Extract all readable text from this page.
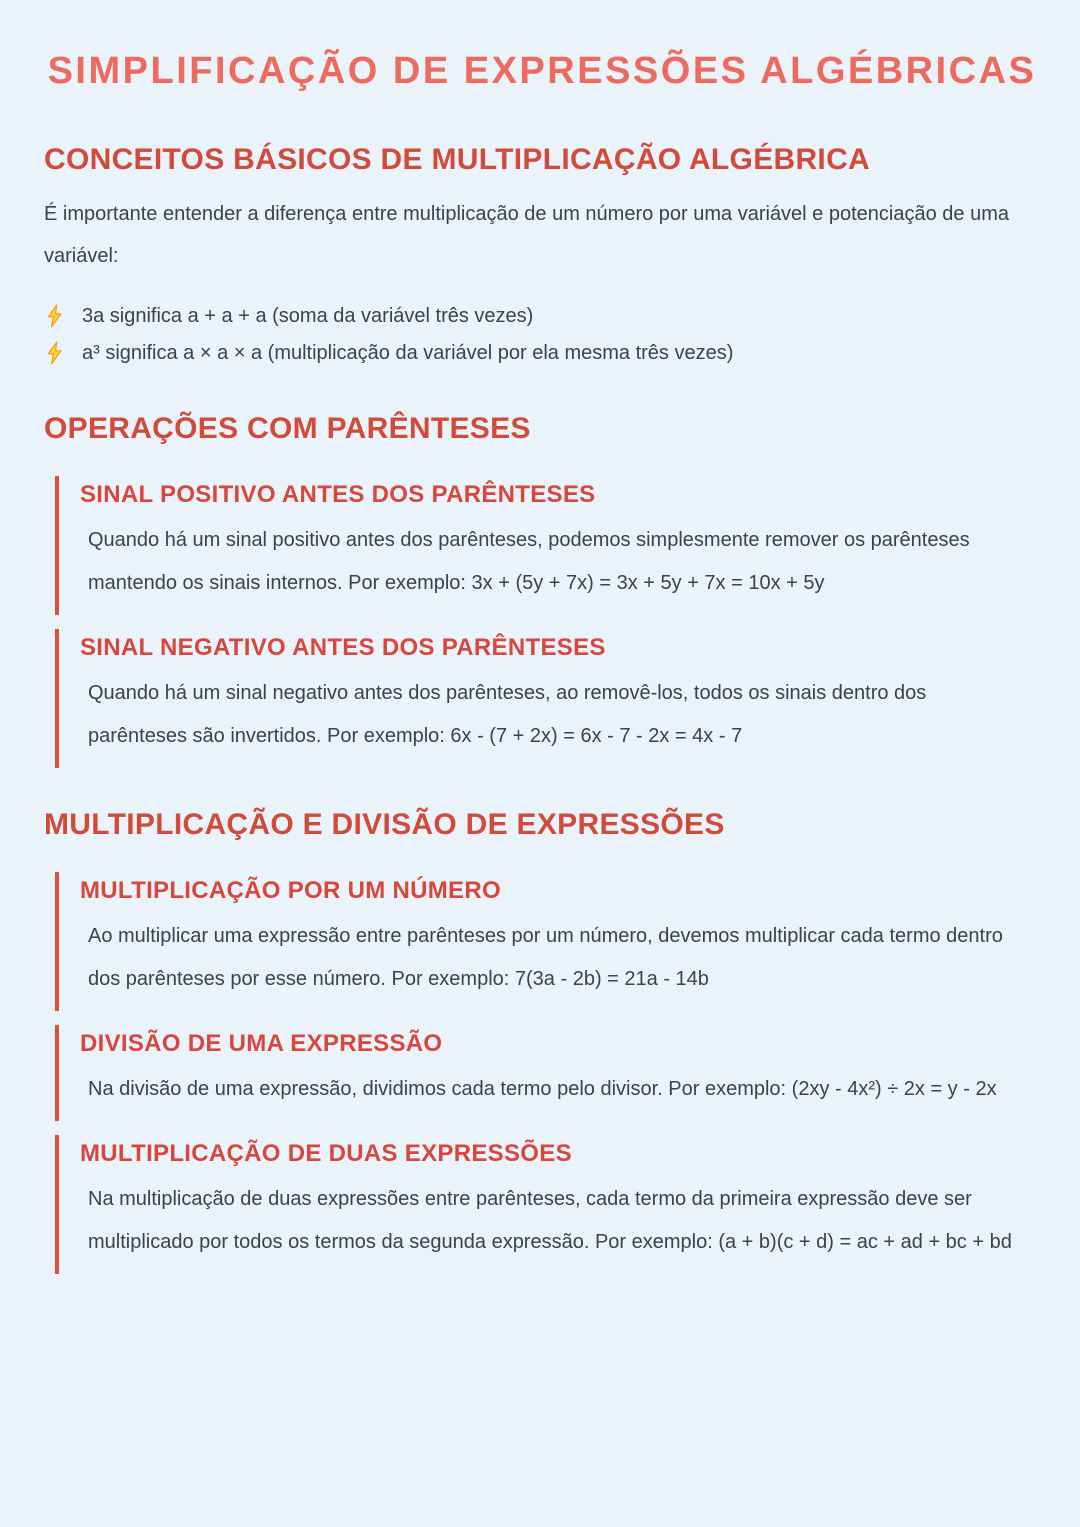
SIMPLIFICAÇÃO DE EXPRESSÕES ALGÉBRICAS
CONCEITOS BÁSICOS DE MULTIPLICAÇÃO ALGÉBRICA

É importante entender a diferença entre multiplicação de um número por uma variável e potenciação de uma variável:

3a significa a + a + a (soma da variável três vezes)
a³ significa a × a × a (multiplicação da variável por ela mesma três vezes)
OPERAÇÕES COM PARÊNTESES
SINAL POSITIVO ANTES DOS PARÊNTESES

Quando há um sinal positivo antes dos parênteses, podemos simplesmente remover os parênteses mantendo os sinais internos. Por exemplo: 3x + (5y + 7x) = 3x + 5y + 7x = 10x + 5y

SINAL NEGATIVO ANTES DOS PARÊNTESES

Quando há um sinal negativo antes dos parênteses, ao removê-los, todos os sinais dentro dos parênteses são invertidos. Por exemplo: 6x - (7 + 2x) = 6x - 7 - 2x = 4x - 7

MULTIPLICAÇÃO E DIVISÃO DE EXPRESSÕES
MULTIPLICAÇÃO POR UM NÚMERO

Ao multiplicar uma expressão entre parênteses por um número, devemos multiplicar cada termo dentro dos parênteses por esse número. Por exemplo: 7(3a - 2b) = 21a - 14b

DIVISÃO DE UMA EXPRESSÃO

Na divisão de uma expressão, dividimos cada termo pelo divisor. Por exemplo: (2xy - 4x²) ÷ 2x = y - 2x

MULTIPLICAÇÃO DE DUAS EXPRESSÕES

Na multiplicação de duas expressões entre parênteses, cada termo da primeira expressão deve ser multiplicado por todos os termos da segunda expressão. Por exemplo: (a + b)(c + d) = ac + ad + bc + bd
